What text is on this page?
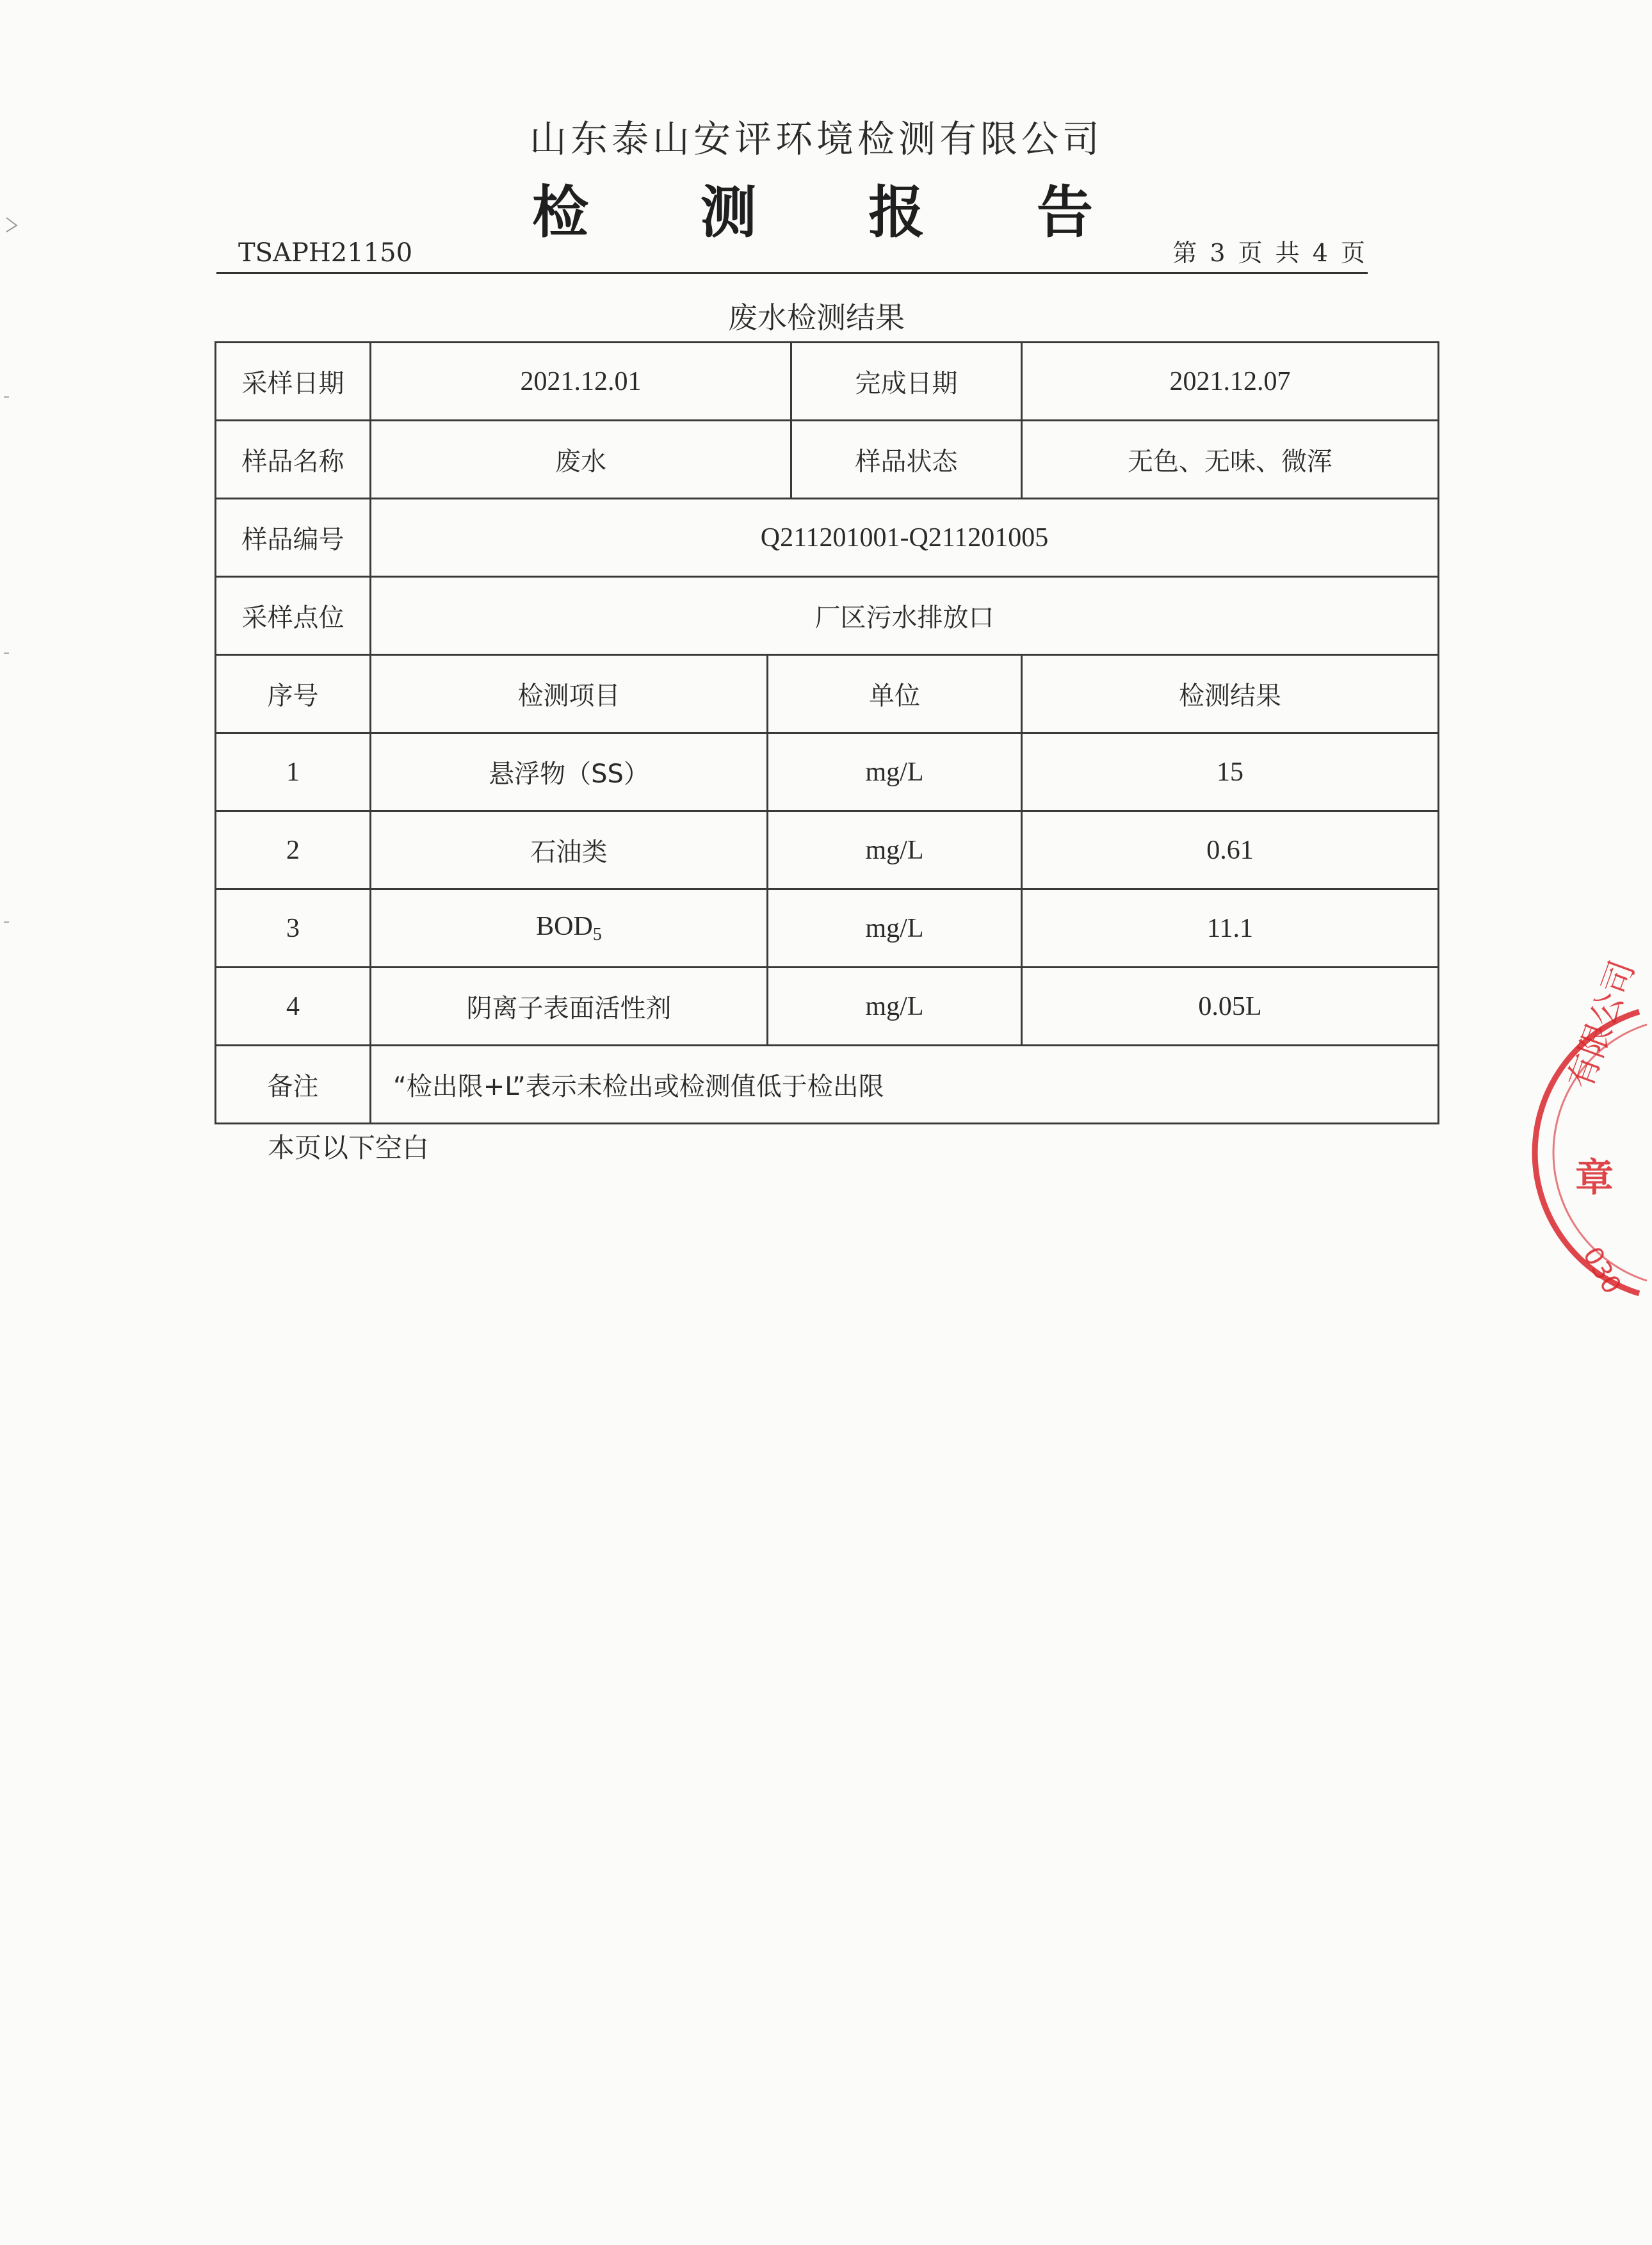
山东泰山安评环境检测有限公司
检 测 报 告
TSAPH21150	第 3 页 共 4 页
废水检测结果
采样日期	2021.12.01		完成日期	2021.12.07
样品名称	废水		样品状态	无色、无味、微浑
样品编号	Q211201001-Q211201005			
采样点位	厂区污水排放口			
序号	检测项目	单位		检测结果
1	悬浮物（SS）	mg/L		15
2	石油类	mg/L		0.61
3	$BOD_5$	mg/L		11.1
4	阴离子表面活性剂	mg/L		0.05L
备注	“检出限+L”表示未检出或检测值低于检出限			
本页以下空白
有限公司
章
030
